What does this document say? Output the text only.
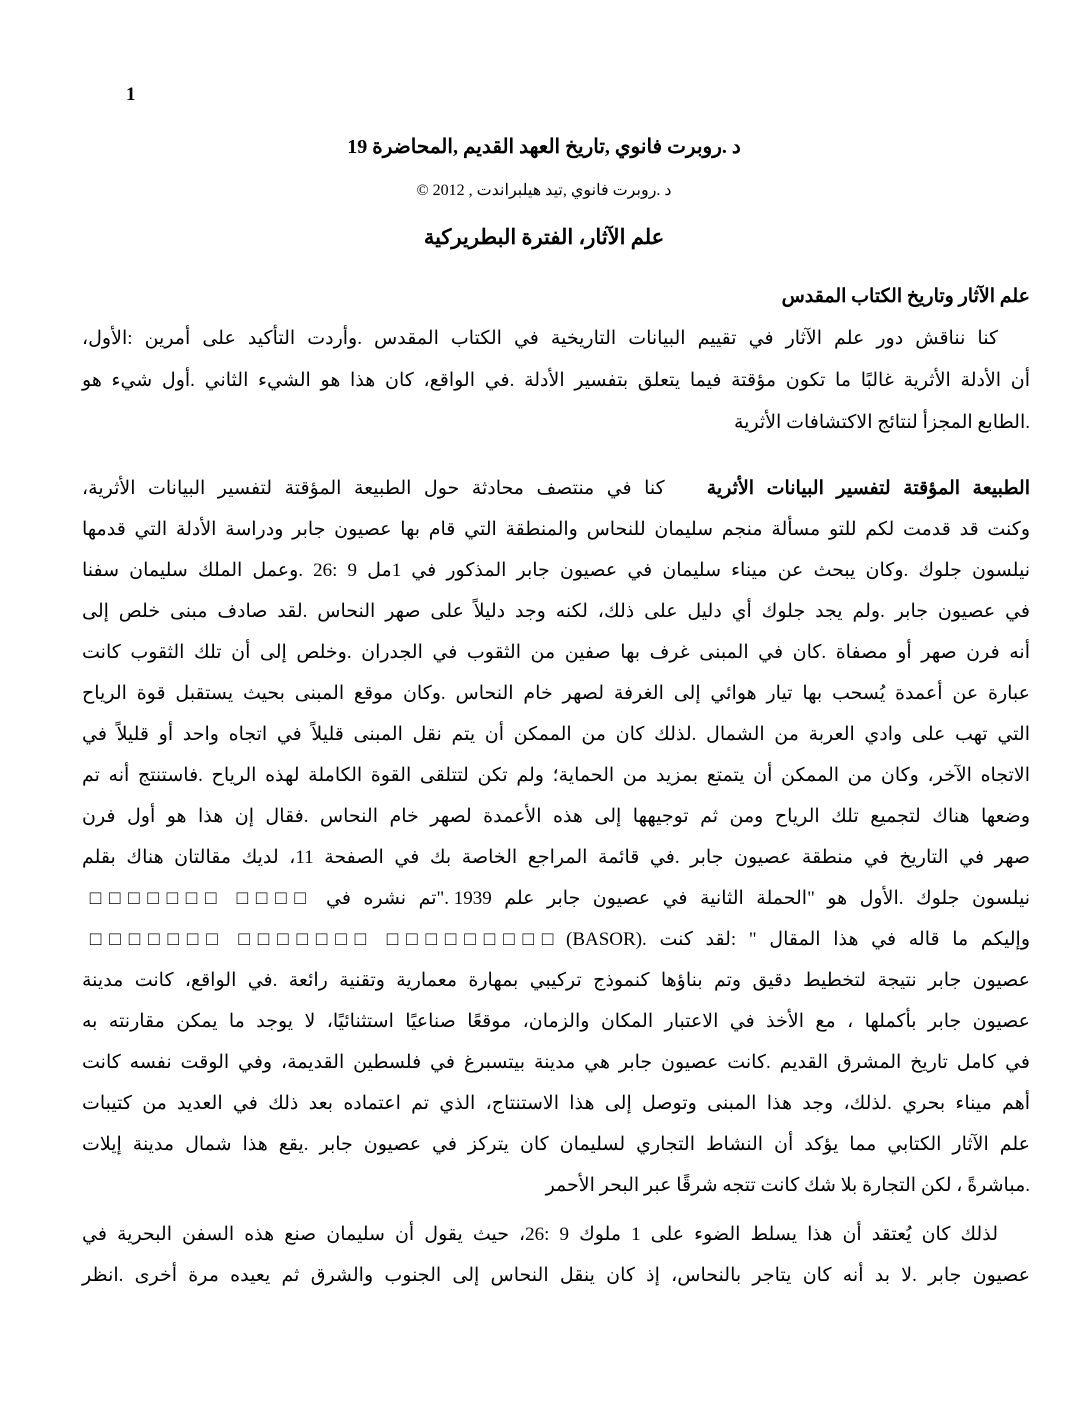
1
د .روبرت فانوي ,تاريخ العهد القديم ,المحاضرة 19
د .روبرت فانوي ,تيد هيلبراندت , 2012 ©
علم الآثار، الفترة البطريركية
علم الآثار وتاريخ الكتاب المقدس
كنا نناقش دور علم الآثار في تقييم البيانات التاريخية في الكتاب المقدس .وأردت التأكيد على أمرين :الأول،
أن الأدلة الأثرية غالبًا ما تكون مؤقتة فيما يتعلق بتفسير الأدلة .في الواقع، كان هذا هو الشيء الثاني .أول شيء هو
.الطابع المجزأ لنتائج الاكتشافات الأثرية
الطبيعة المؤقتة لتفسير البيانات الأثريةكنا في منتصف محادثة حول الطبيعة المؤقتة لتفسير البيانات الأثرية،
وكنت قد قدمت لكم للتو مسألة منجم سليمان للنحاس والمنطقة التي قام بها عصيون جابر ودراسة الأدلة التي قدمها
نيلسون جلوك .وكان يبحث عن ميناء سليمان في عصيون جابر المذكور في 1مل 9 :26 .وعمل الملك سليمان سفنا
في عصيون جابر .ولم يجد جلوك أي دليل على ذلك، لكنه وجد دليلاً على صهر النحاس .لقد صادف مبنى خلص إلى
أنه فرن صهر أو مصفاة .كان في المبنى غرف بها صفين من الثقوب في الجدران .وخلص إلى أن تلك الثقوب كانت
عبارة عن أعمدة يُسحب بها تيار هوائي إلى الغرفة لصهر خام النحاس .وكان موقع المبنى بحيث يستقبل قوة الرياح
التي تهب على وادي العربة من الشمال .لذلك كان من الممكن أن يتم نقل المبنى قليلاً في اتجاه واحد أو قليلاً في
الاتجاه الآخر، وكان من الممكن أن يتمتع بمزيد من الحماية؛ ولم تكن لتتلقى القوة الكاملة لهذه الرياح .فاستنتج أنه تم
وضعها هناك لتجميع تلك الرياح ومن ثم توجيهها إلى هذه الأعمدة لصهر خام النحاس .فقال إن هذا هو أول فرن
صهر في التاريخ في منطقة عصيون جابر .في قائمة المراجع الخاصة بك في الصفحة 11، لديك مقالتان هناك بقلم
نيلسون جلوك .الأول هو "الحملة الثانية في عصيون جابر علم 1939 ."تم نشره في □□□□ □□□□□□□
وإليكم ما قاله في هذا المقال " :لقد كنت ⁦(BASOR).⁩ □□□□□□□□□ □□□□□□□ □□□□□□□
عصيون جابر نتيجة لتخطيط دقيق وتم بناؤها كنموذج تركيبي بمهارة معمارية وتقنية رائعة .في الواقع، كانت مدينة
عصيون جابر بأكملها ، مع الأخذ في الاعتبار المكان والزمان، موقعًا صناعيًا استثنائيًا، لا يوجد ما يمكن مقارنته به
في كامل تاريخ المشرق القديم .كانت عصيون جابر هي مدينة بيتسبرغ في فلسطين القديمة، وفي الوقت نفسه كانت
أهم ميناء بحري .لذلك، وجد هذا المبنى وتوصل إلى هذا الاستنتاج، الذي تم اعتماده بعد ذلك في العديد من كتيبات
علم الآثار الكتابي مما يؤكد أن النشاط التجاري لسليمان كان يتركز في عصيون جابر .يقع هذا شمال مدينة إيلات
.مباشرةً ، لكن التجارة بلا شك كانت تتجه شرقًا عبر البحر الأحمر
لذلك كان يُعتقد أن هذا يسلط الضوء على 1 ملوك 9 :26، حيث يقول أن سليمان صنع هذه السفن البحرية في
عصيون جابر .لا بد أنه كان يتاجر بالنحاس، إذ كان ينقل النحاس إلى الجنوب والشرق ثم يعيده مرة أخرى .انظر
